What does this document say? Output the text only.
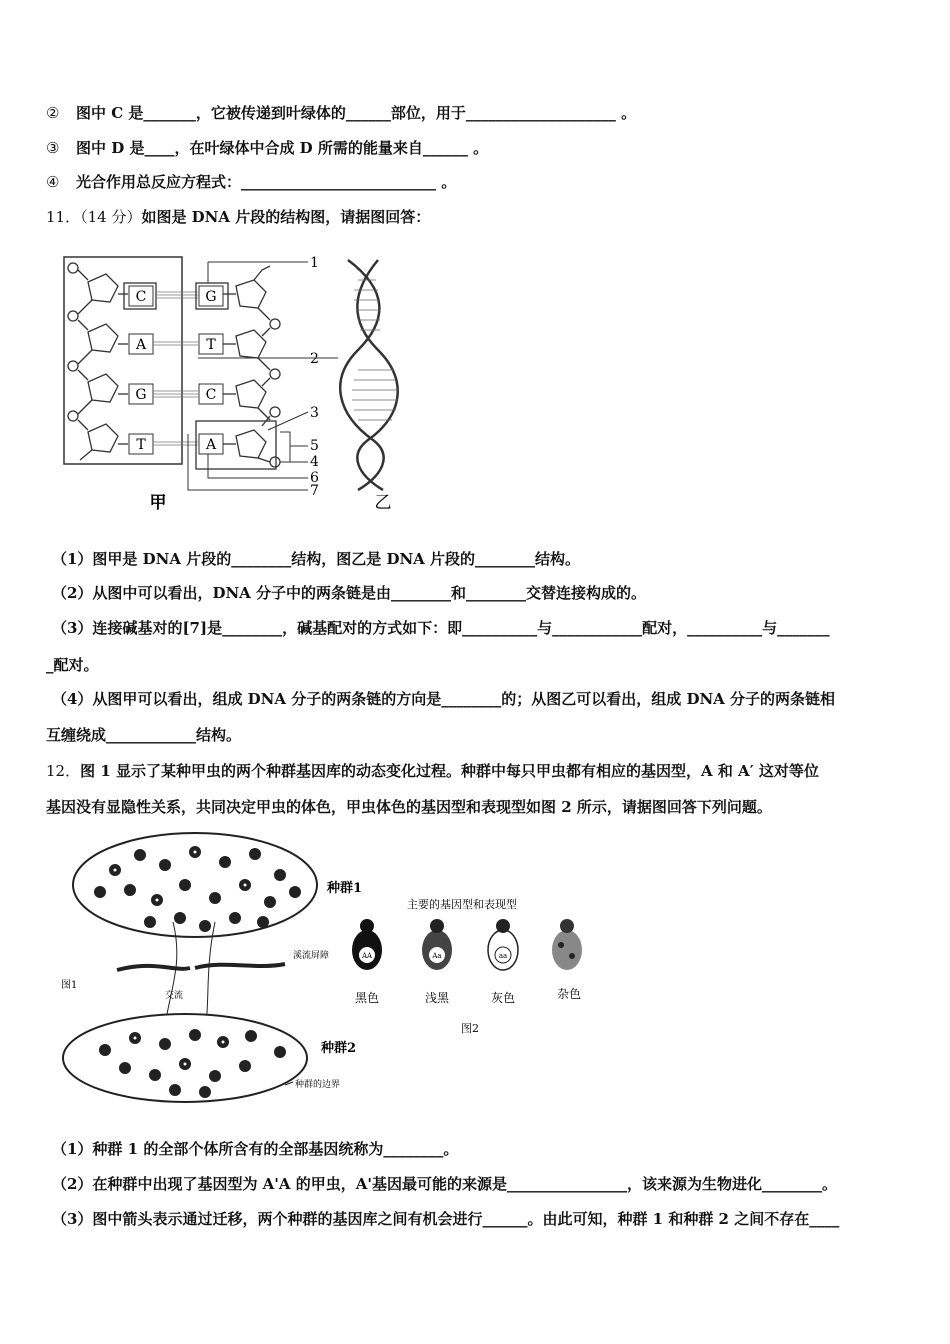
② 图中 C 是_______，它被传递到叶绿体的______部位，用于____________________ 。
③ 图中 D 是____，在叶绿体中合成 D 所需的能量来自______ 。
④ 光合作用总反应方程式：__________________________ 。
11．（14 分）如图是 DNA 片段的结构图，请据图回答：
C
A
G
T
G
T
C
A
1
2
3
5
4
6
7
甲	乙
（1）图甲是 DNA 片段的________结构，图乙是 DNA 片段的________结构。
（2）从图中可以看出，DNA 分子中的两条链是由________和________交替连接构成的。
（3）连接碱基对的[7]是________，碱基配对的方式如下：即__________与____________配对，__________与_______
_配对。
（4）从图甲可以看出，组成 DNA 分子的两条链的方向是________的；从图乙可以看出，组成 DNA 分子的两条链相
互缠绕成____________结构。
12．图 1 显示了某种甲虫的两个种群基因库的动态变化过程。种群中每只甲虫都有相应的基因型，A 和 A′ 这对等位
基因没有显隐性关系，共同决定甲虫的体色，甲虫体色的基因型和表现型如图 2 所示，请据图回答下列问题。
种群1
溪流屏障
图1
交流
种群2
种群的边界
主要的基因型和表现型
AA
黑色
Aa
浅黑
aa
灰色	杂色
图2
（1）种群 1 的全部个体所含有的全部基因统称为________。
（2）在种群中出现了基因型为 A'A 的甲虫，A'基因最可能的来源是________________，该来源为生物进化________。
（3）图中箭头表示通过迁移，两个种群的基因库之间有机会进行______。由此可知，种群 1 和种群 2 之间不存在____
